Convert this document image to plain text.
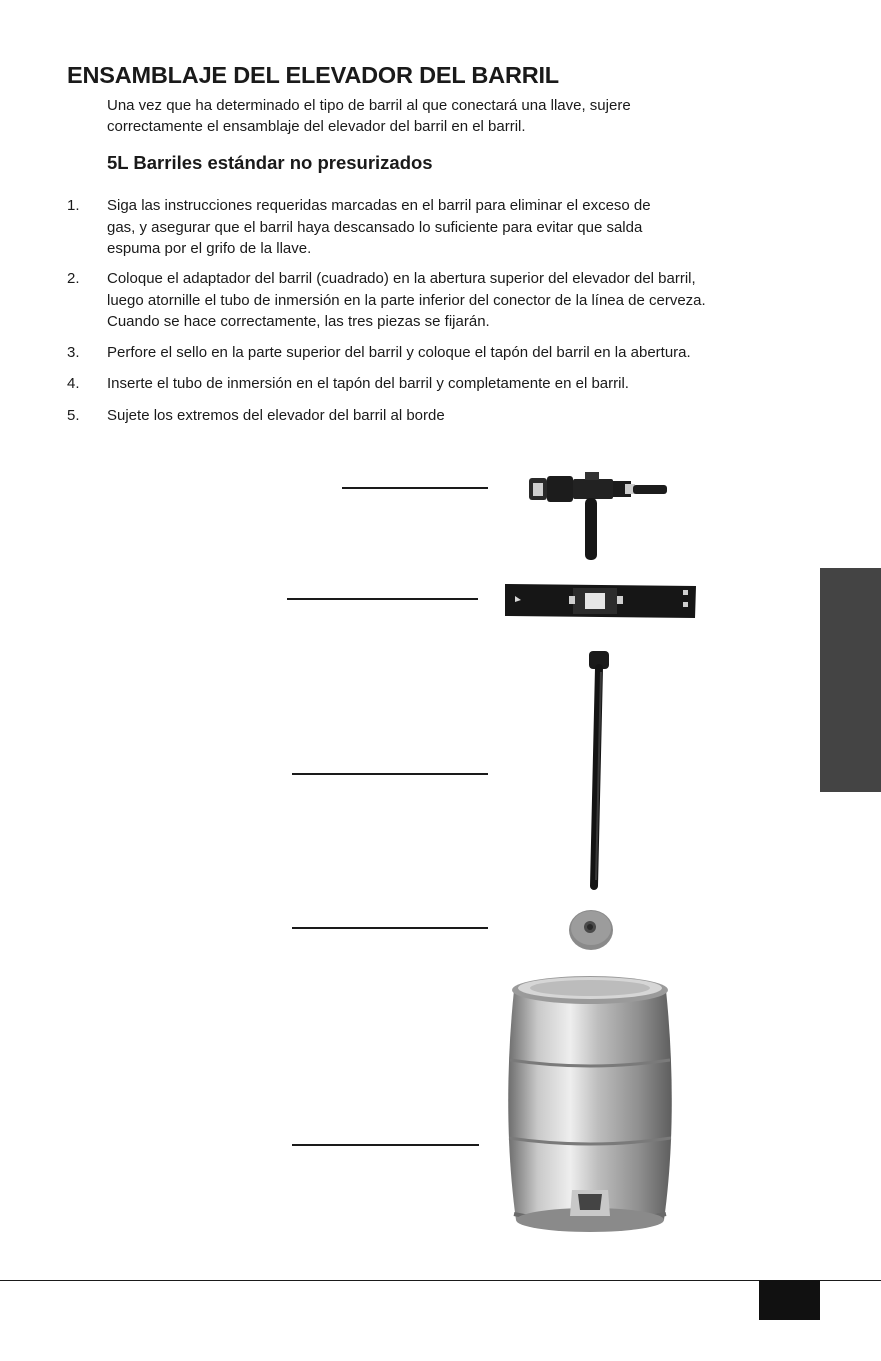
ENSAMBLAJE DEL ELEVADOR DEL BARRIL

Una vez que ha determinado el tipo de barril al que conectará una llave, sujere correctamente el ensamblaje del elevador del barril en el barril.

5L Barriles estándar no presurizados
1.	Siga las instrucciones requeridas marcadas en el barril para eliminar el exceso de gas, y asegurar que el barril haya descansado lo suficiente para evitar que salda espuma por el grifo de la llave.
2.	Coloque el adaptador del barril (cuadrado) en la abertura superior del elevador del barril, luego atornille el tubo de inmersión en la parte inferior del conector de la línea de cerveza. Cuando se hace correctamente, las tres piezas se fijarán.
3.	Perfore el sello en la parte superior del barril y coloque el tapón del barril en la abertura.
4.	Inserte el tubo de inmersión en el tapón del barril y completamente en el barril.
5.	Sujete los extremos del elevador del barril al borde
